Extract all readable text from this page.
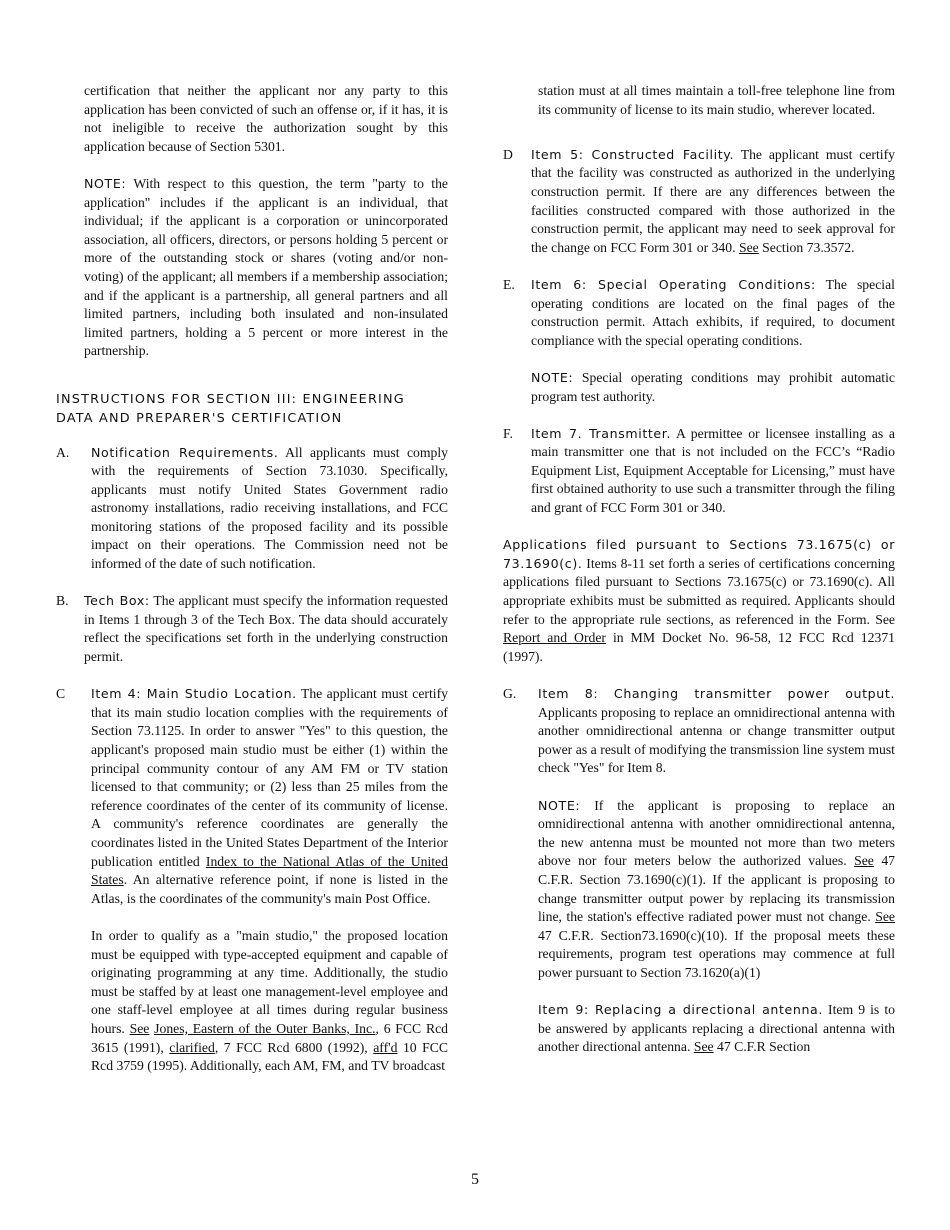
certification that neither the applicant nor any party to this application has been convicted of such an offense or, if it has, it is not ineligible to receive the authorization sought by this application because of Section 5301.

NOTE: With respect to this question, the term "party to the application" includes if the applicant is an individual, that individual; if the applicant is a corporation or unincorporated association, all officers, directors, or persons holding 5 percent or more of the outstanding stock or shares (voting and/or non-voting) of the applicant; all members if a membership association; and if the applicant is a partnership, all general partners and all limited partners, including both insulated and non-insulated limited partners, holding a 5 percent or more interest in the partnership.

INSTRUCTIONS FOR SECTION III: ENGINEERING
DATA AND PREPARER'S CERTIFICATION
A.	Notification Requirements. All applicants must comply with the requirements of Section 73.1030. Specifically, applicants must notify United States Government radio astronomy installations, radio receiving installations, and FCC monitoring stations of the proposed facility and its possible impact on their operations. The Commission need not be informed of the date of such notification.

B.	Tech Box: The applicant must specify the information requested in Items 1 through 3 of the Tech Box. The data should accurately reflect the specifications set forth in the underlying construction permit.

C	Item 4: Main Studio Location. The applicant must certify that its main studio location complies with the requirements of Section 73.1125. In order to answer "Yes" to this question, the applicant's proposed main studio must be either (1) within the principal community contour of any AM FM or TV station licensed to that community; or (2) less than 25 miles from the reference coordinates of the center of its community of license. A community's reference coordinates are generally the coordinates listed in the United States Department of the Interior publication entitled Index to the National Atlas of the United States. An alternative reference point, if none is listed in the Atlas, is the coordinates of the community's main Post Office.

In order to qualify as a "main studio," the proposed location must be equipped with type-accepted equipment and capable of originating programming at any time. Additionally, the studio must be staffed by at least one management-level employee and one staff-level employee at all times during regular business hours. See Jones, Eastern of the Outer Banks, Inc., 6 FCC Rcd 3615 (1991), clarified, 7 FCC Rcd 6800 (1992), aff'd 10 FCC Rcd 3759 (1995). Additionally, each AM, FM, and TV broadcast

station must at all times maintain a toll-free telephone line from its community of license to its main studio, wherever located.

D	Item 5: Constructed Facility. The applicant must certify that the facility was constructed as authorized in the underlying construction permit. If there are any differences between the facilities constructed compared with those authorized in the construction permit, the applicant may need to seek approval for the change on FCC Form 301 or 340. See Section 73.3572.

E.	Item 6: Special Operating Conditions: The special operating conditions are located on the final pages of the construction permit. Attach exhibits, if required, to document compliance with the special operating conditions.

NOTE: Special operating conditions may prohibit automatic program test authority.

F.	Item 7. Transmitter. A permittee or licensee installing as a main transmitter one that is not included on the FCC’s “Radio Equipment List, Equipment Acceptable for Licensing,” must have first obtained authority to use such a transmitter through the filing and grant of FCC Form 301 or 340.

Applications filed pursuant to Sections 73.1675(c) or 73.1690(c). Items 8-11 set forth a series of certifications concerning applications filed pursuant to Sections 73.1675(c) or 73.1690(c). All appropriate exhibits must be submitted as required. Applicants should refer to the appropriate rule sections, as referenced in the Form. See Report and Order in MM Docket No. 96-58, 12 FCC Rcd 12371 (1997).

G.	Item 8: Changing transmitter power output. Applicants proposing to replace an omnidirectional antenna with another omnidirectional antenna or change transmitter output power as a result of modifying the transmission line system must check "Yes" for Item 8.

NOTE: If the applicant is proposing to replace an omnidirectional antenna with another omnidirectional antenna, the new antenna must be mounted not more than two meters above nor four meters below the authorized values. See 47 C.F.R. Section 73.1690(c)(1). If the applicant is proposing to change transmitter output power by replacing its transmission line, the station's effective radiated power must not change. See 47 C.F.R. Section73.1690(c)(10). If the proposal meets these requirements, program test operations may commence at full power pursuant to Section 73.1620(a)(1)

Item 9: Replacing a directional antenna. Item 9 is to be answered by applicants replacing a directional antenna with another directional antenna. See 47 C.F.R Section

5
